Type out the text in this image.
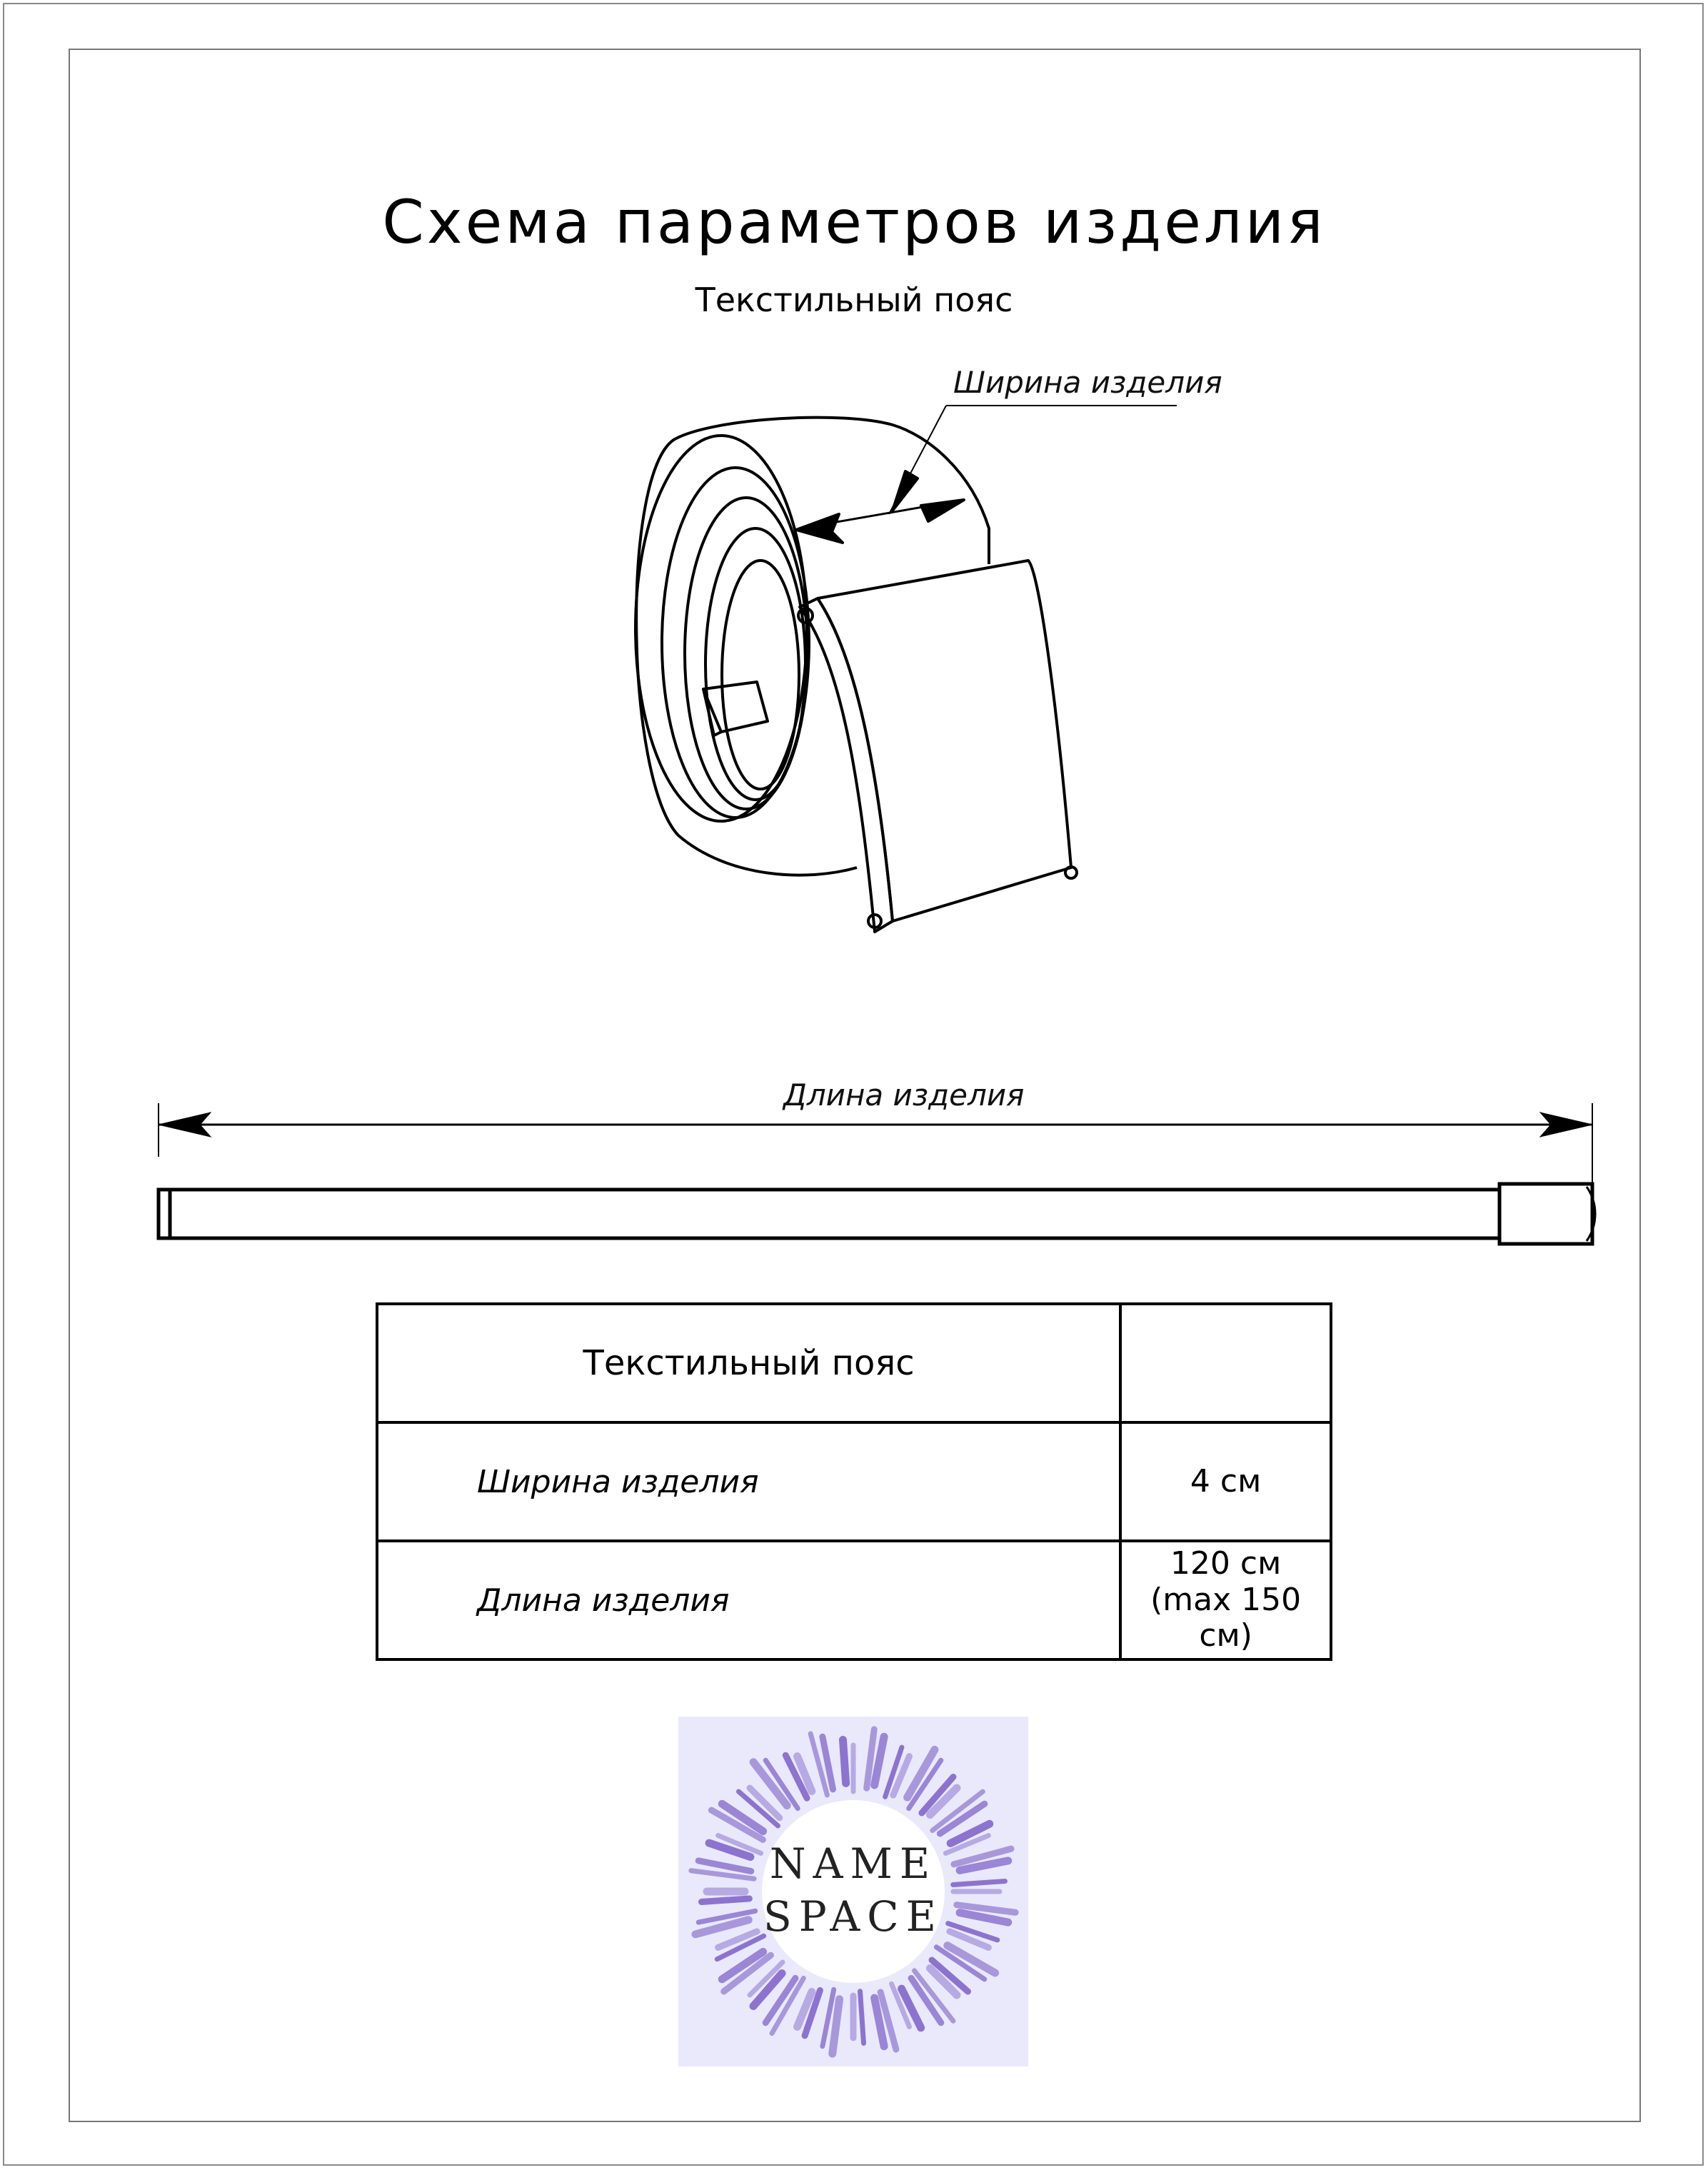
Схема параметров изделия
Текстильный пояс
Ширина изделия
Длина изделия
Текстильный пояс	
Ширина изделия	4 см

Длина изделия	120 см
(max 150 см)
NAME
SPACE
